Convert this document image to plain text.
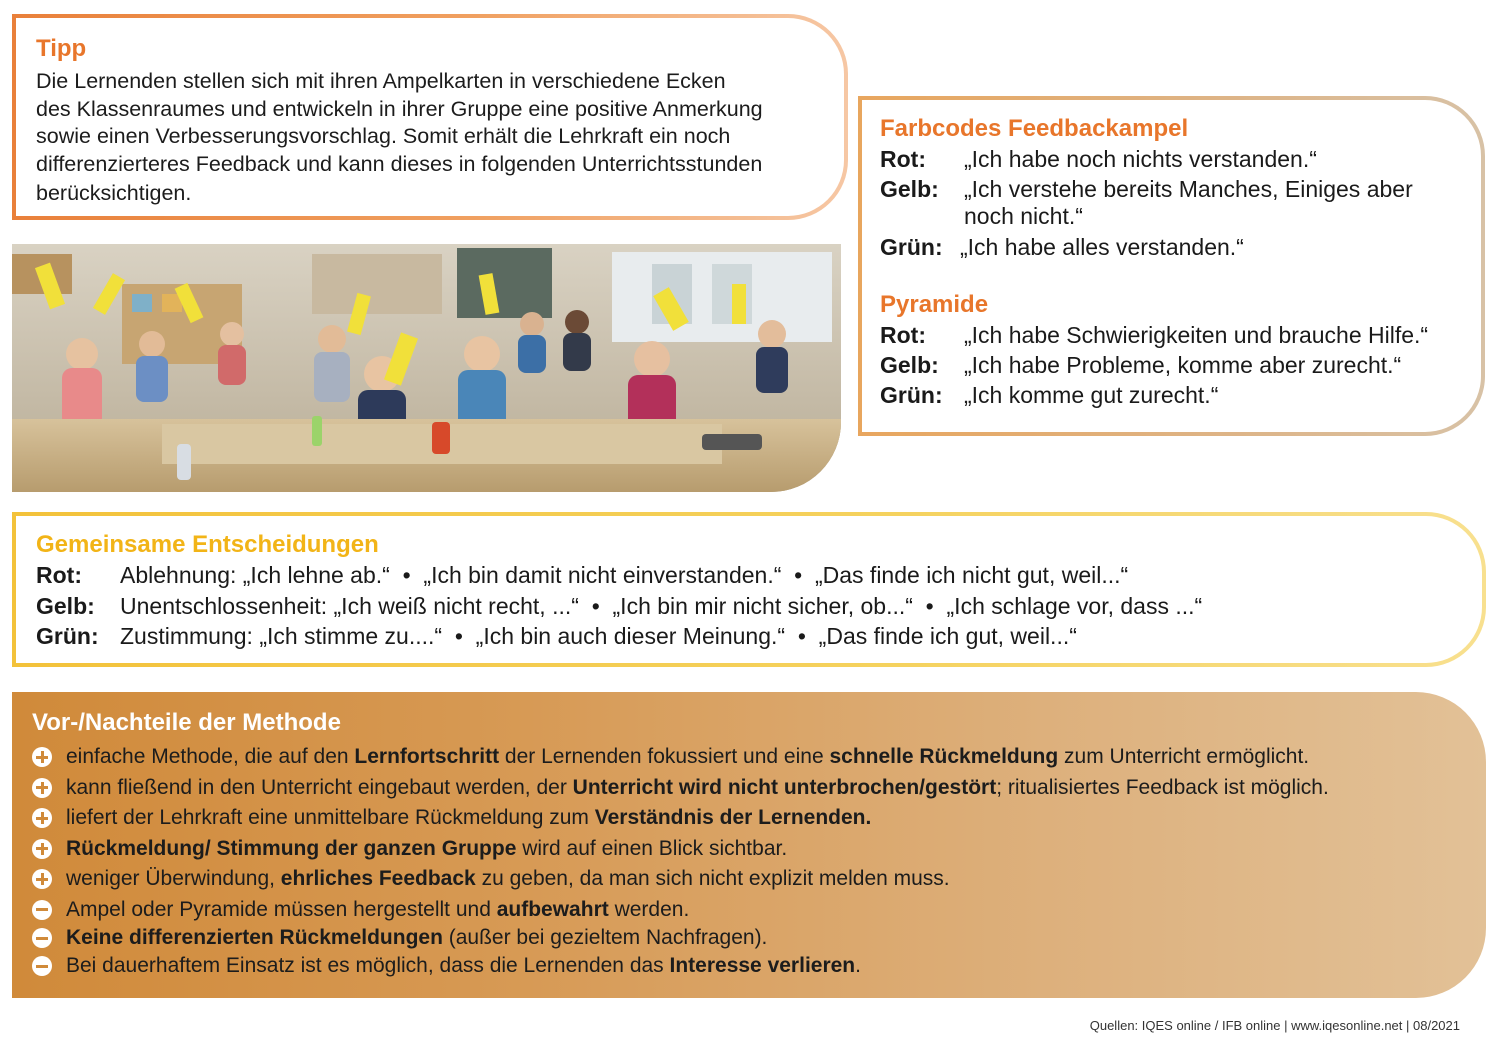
Tipp
Die Lernenden stellen sich mit ihren Ampelkarten in verschiedene Ecken
des Klassenraumes und entwickeln in ihrer Gruppe eine positive Anmerkung
sowie einen Verbesserungsvorschlag. Somit erhält die Lehrkraft ein noch
differenzierteres Feedback und kann dieses in folgenden Unterrichtsstunden
berücksichtigen.
Farbcodes Feedbackampel
Rot:	„Ich habe noch nichts verstanden.“
Gelb:	„Ich verstehe bereits Manches, Einiges aber noch nicht.“
Grün: „Ich habe alles verstanden.“
Pyramide
Rot:	„Ich habe Schwierigkeiten und brauche Hilfe.“
Gelb:	„Ich habe Probleme, komme aber zurecht.“
Grün: „Ich komme gut zurecht.“
Gemeinsame Entscheidungen
Rot:	Ablehnung: „Ich lehne ab.“  •  „Ich bin damit nicht einverstanden.“  •  „Das finde ich nicht gut, weil...“
Gelb:	Unentschlossenheit: „Ich weiß nicht recht, ...“  •  „Ich bin mir nicht sicher, ob...“  •  „Ich schlage vor, dass ...“
Grün: Zustimmung: „Ich stimme zu....“  •  „Ich bin auch dieser Meinung.“  •  „Das finde ich gut, weil...“
Vor-/Nachteile der Methode
einfache Methode, die auf den Lernfortschritt der Lernenden fokussiert und eine schnelle Rückmeldung zum Unterricht ermöglicht.
kann fließend in den Unterricht eingebaut werden, der Unterricht wird nicht unterbrochen/gestört; ritualisiertes Feedback ist möglich.
liefert der Lehrkraft eine unmittelbare Rückmeldung zum Verständnis der Lernenden.
Rückmeldung/ Stimmung der ganzen Gruppe wird auf einen Blick sichtbar.
weniger Überwindung, ehrliches Feedback zu geben, da man sich nicht explizit melden muss.
Ampel oder Pyramide müssen hergestellt und aufbewahrt werden.
Keine differenzierten Rückmeldungen (außer bei gezieltem Nachfragen).
Bei dauerhaftem Einsatz ist es möglich, dass die Lernenden das Interesse verlieren.
Quellen: IQES online / IFB online | www.iqesonline.net | 08/2021
